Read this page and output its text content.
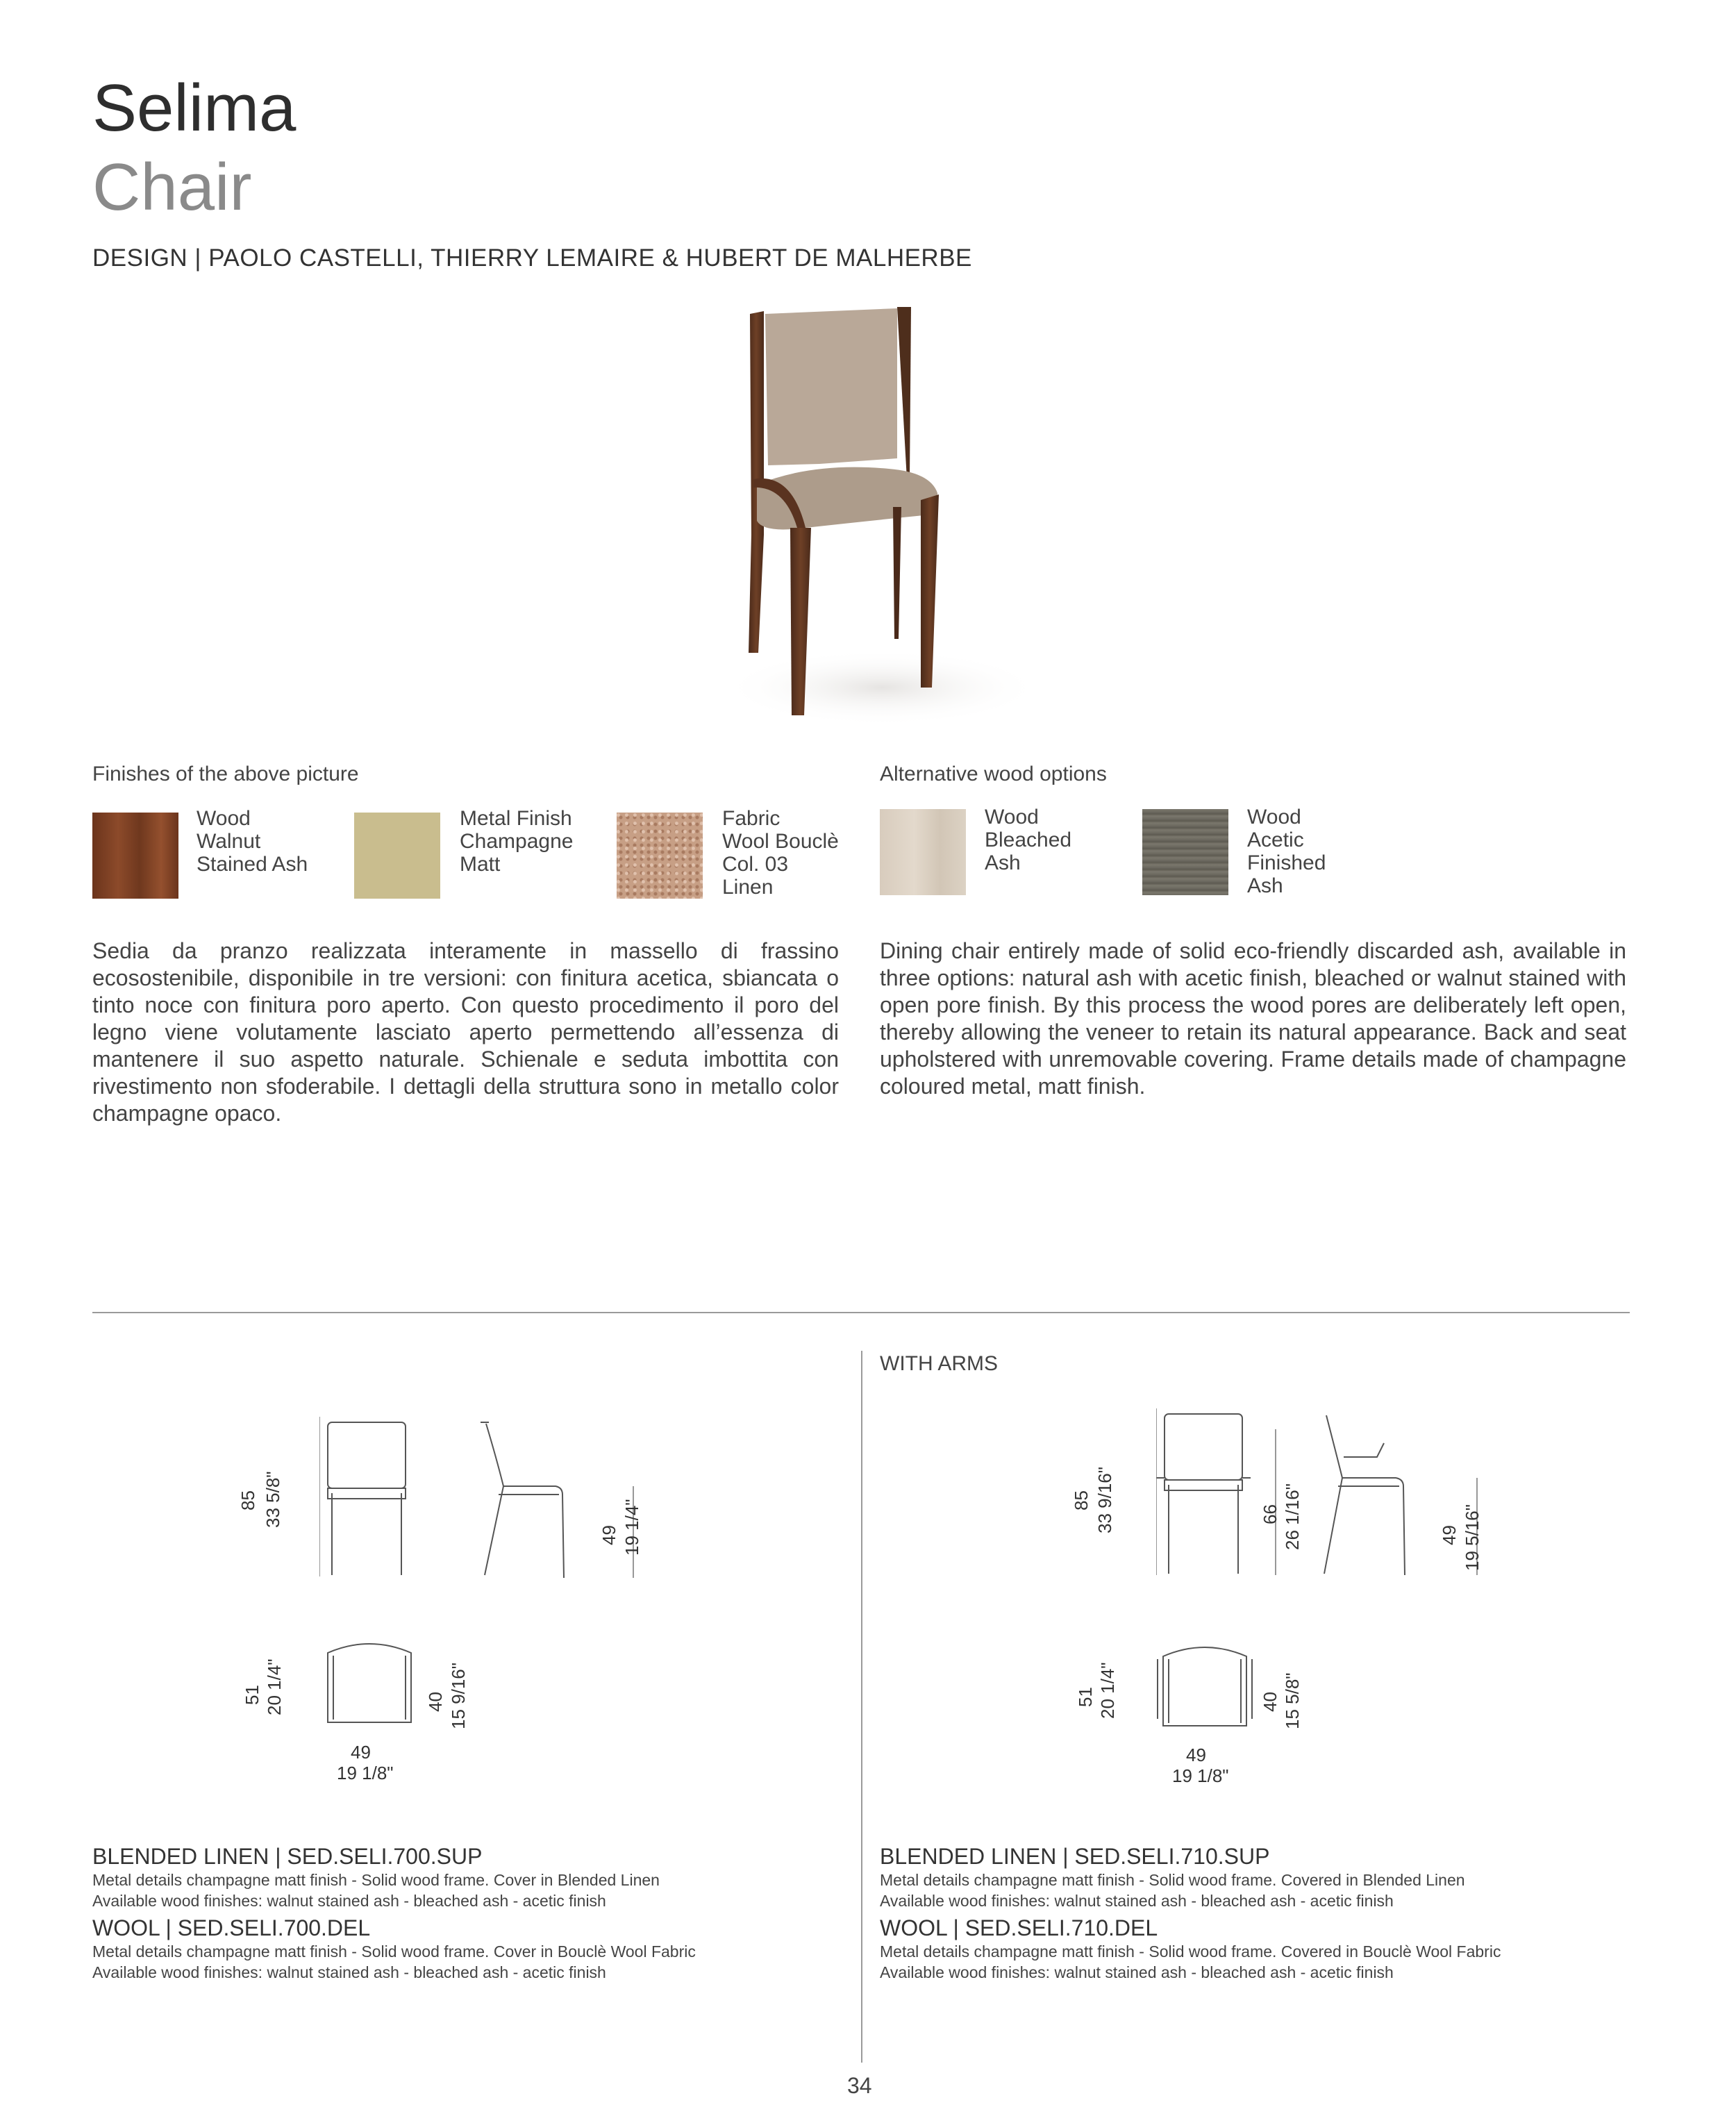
Selima
Chair
DESIGN | PAOLO CASTELLI, THIERRY LEMAIRE & HUBERT DE MALHERBE
Finishes of the above picture
Wood
Walnut
Stained Ash
Metal Finish
Champagne
Matt
Fabric
Wool Bouclè
Col. 03
Linen
Alternative wood options
Wood
Bleached
Ash
Wood
Acetic
Finished
Ash
Sedia da pranzo realizzata interamente in massello di frassino ecosostenibile, disponibile in tre versioni: con finitura acetica, sbiancata o tinto noce con finitura poro aperto. Con questo procedimento il poro del legno viene volutamente lasciato aperto permettendo all’essenza di mantenere il suo aspetto naturale. Schienale e seduta imbottita con rivestimento non sfoderabile. I dettagli della struttura sono in metallo color champagne opaco.
Dining chair entirely made of solid eco-friendly discarded ash, available in three options: natural ash with acetic finish, bleached or walnut stained with open pore finish. By this process the wood pores are deliberately left open, thereby allowing the veneer to retain its natural appearance. Back and seat upholstered with unremovable covering. Frame details made of champagne coloured metal, matt finish.
WITH ARMS
85 33 5/8"
49 19 1/4"
51 20 1/4"	40 15 9/16"
49
19 1/8"
85 33 9/16"	66 26 1/16"	49 19 5/16"
51 20 1/4"	40 15 5/8"
49
19 1/8"
BLENDED LINEN | SED.SELI.700.SUP
Metal details champagne matt finish - Solid wood frame. Cover in Blended Linen
Available wood finishes: walnut stained ash - bleached ash - acetic finish
WOOL | SED.SELI.700.DEL
Metal details champagne matt finish - Solid wood frame. Cover in Bouclè Wool Fabric
Available wood finishes: walnut stained ash - bleached ash - acetic finish
BLENDED LINEN | SED.SELI.710.SUP
Metal details champagne matt finish - Solid wood frame. Covered in Blended Linen
Available wood finishes: walnut stained ash - bleached ash - acetic finish
WOOL | SED.SELI.710.DEL
Metal details champagne matt finish - Solid wood frame. Covered in Bouclè Wool Fabric
Available wood finishes: walnut stained ash - bleached ash - acetic finish
34
